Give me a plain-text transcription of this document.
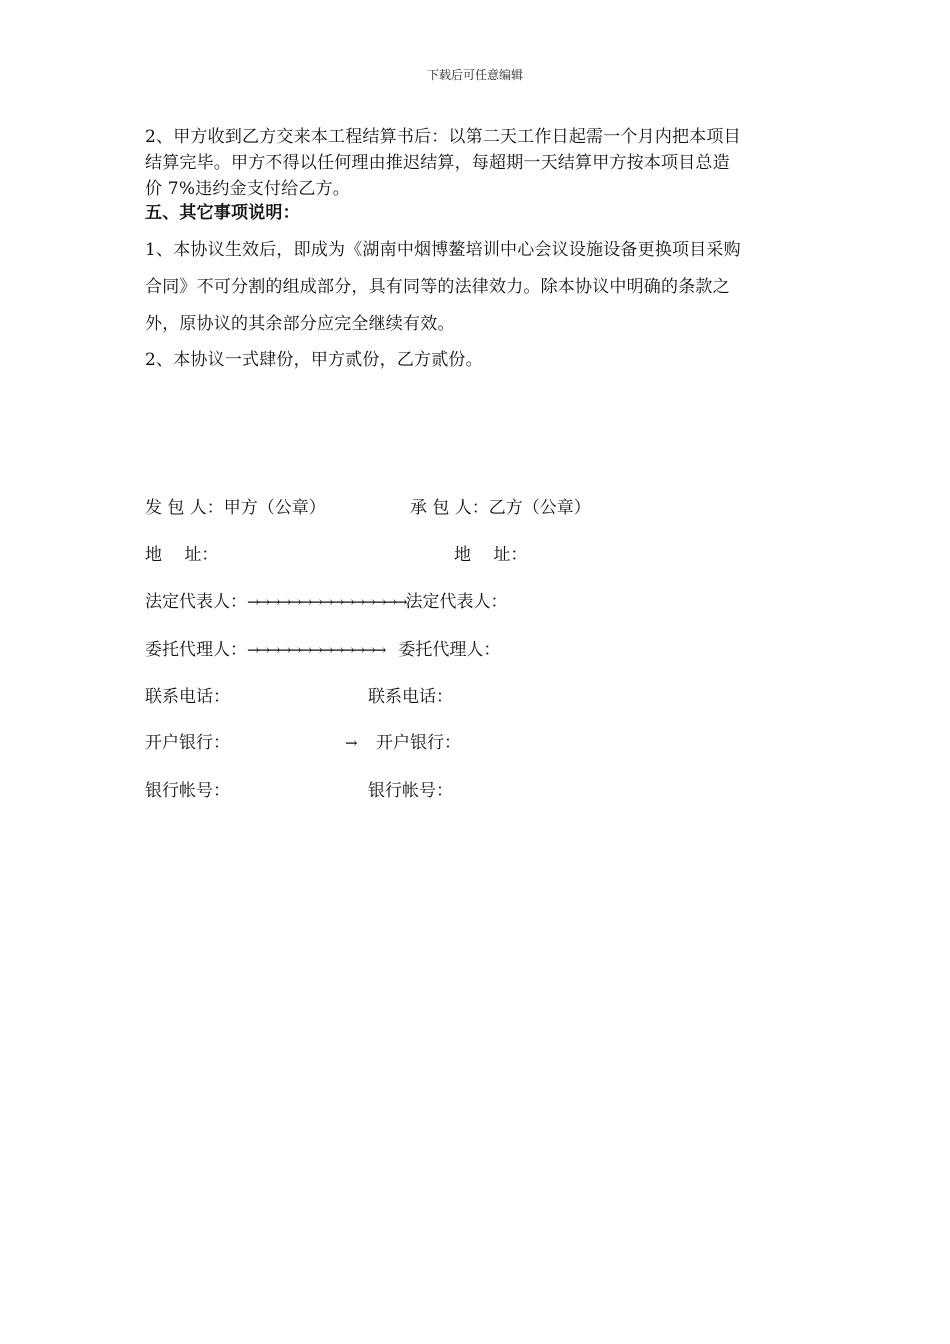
下载后可任意编辑
2、甲方收到乙方交来本工程结算书后：以第二天工作日起需一个月内把本项目
结算完毕。甲方不得以任何理由推迟结算，每超期一天结算甲方按本项目总造
价 7%违约金支付给乙方。
五、其它事项说明：
1、本协议生效后，即成为《湖南中烟博鳌培训中心会议设施设备更换项目采购
合同》不可分割的组成部分，具有同等的法律效力。除本协议中明确的条款之
外，原协议的其余部分应完全继续有效。
2、本协议一式肆份，甲方贰份，乙方贰份。
发 包 人：甲方（公章）	承 包 人：乙方（公章）
地　 址：	地　 址：
法定代表人：→→→→→→→→→→→→→→→法定代表人：
委托代理人：→→→→→→→→→→→→→ 委托代理人：
联系电话：	联系电话：
开户银行：	→ 开户银行：
银行帐号：	银行帐号：
